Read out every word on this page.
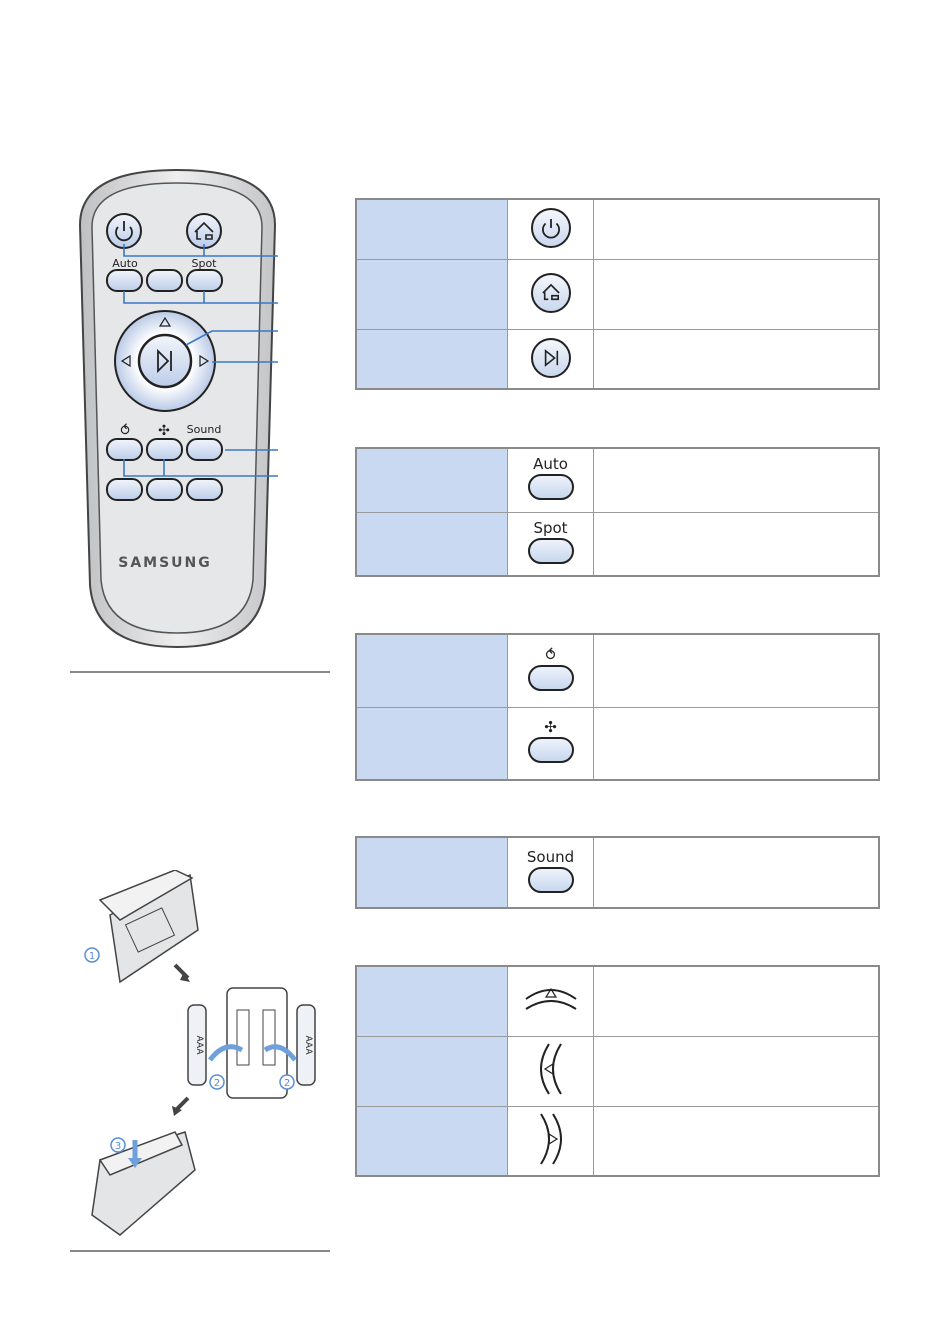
Auto	Spot
⥀ ✣ Sound
SAMSUNG
1
AAA	AAA
2	2
3

	Auto	

	Spot	

	⥀	

	✣	

Sound
